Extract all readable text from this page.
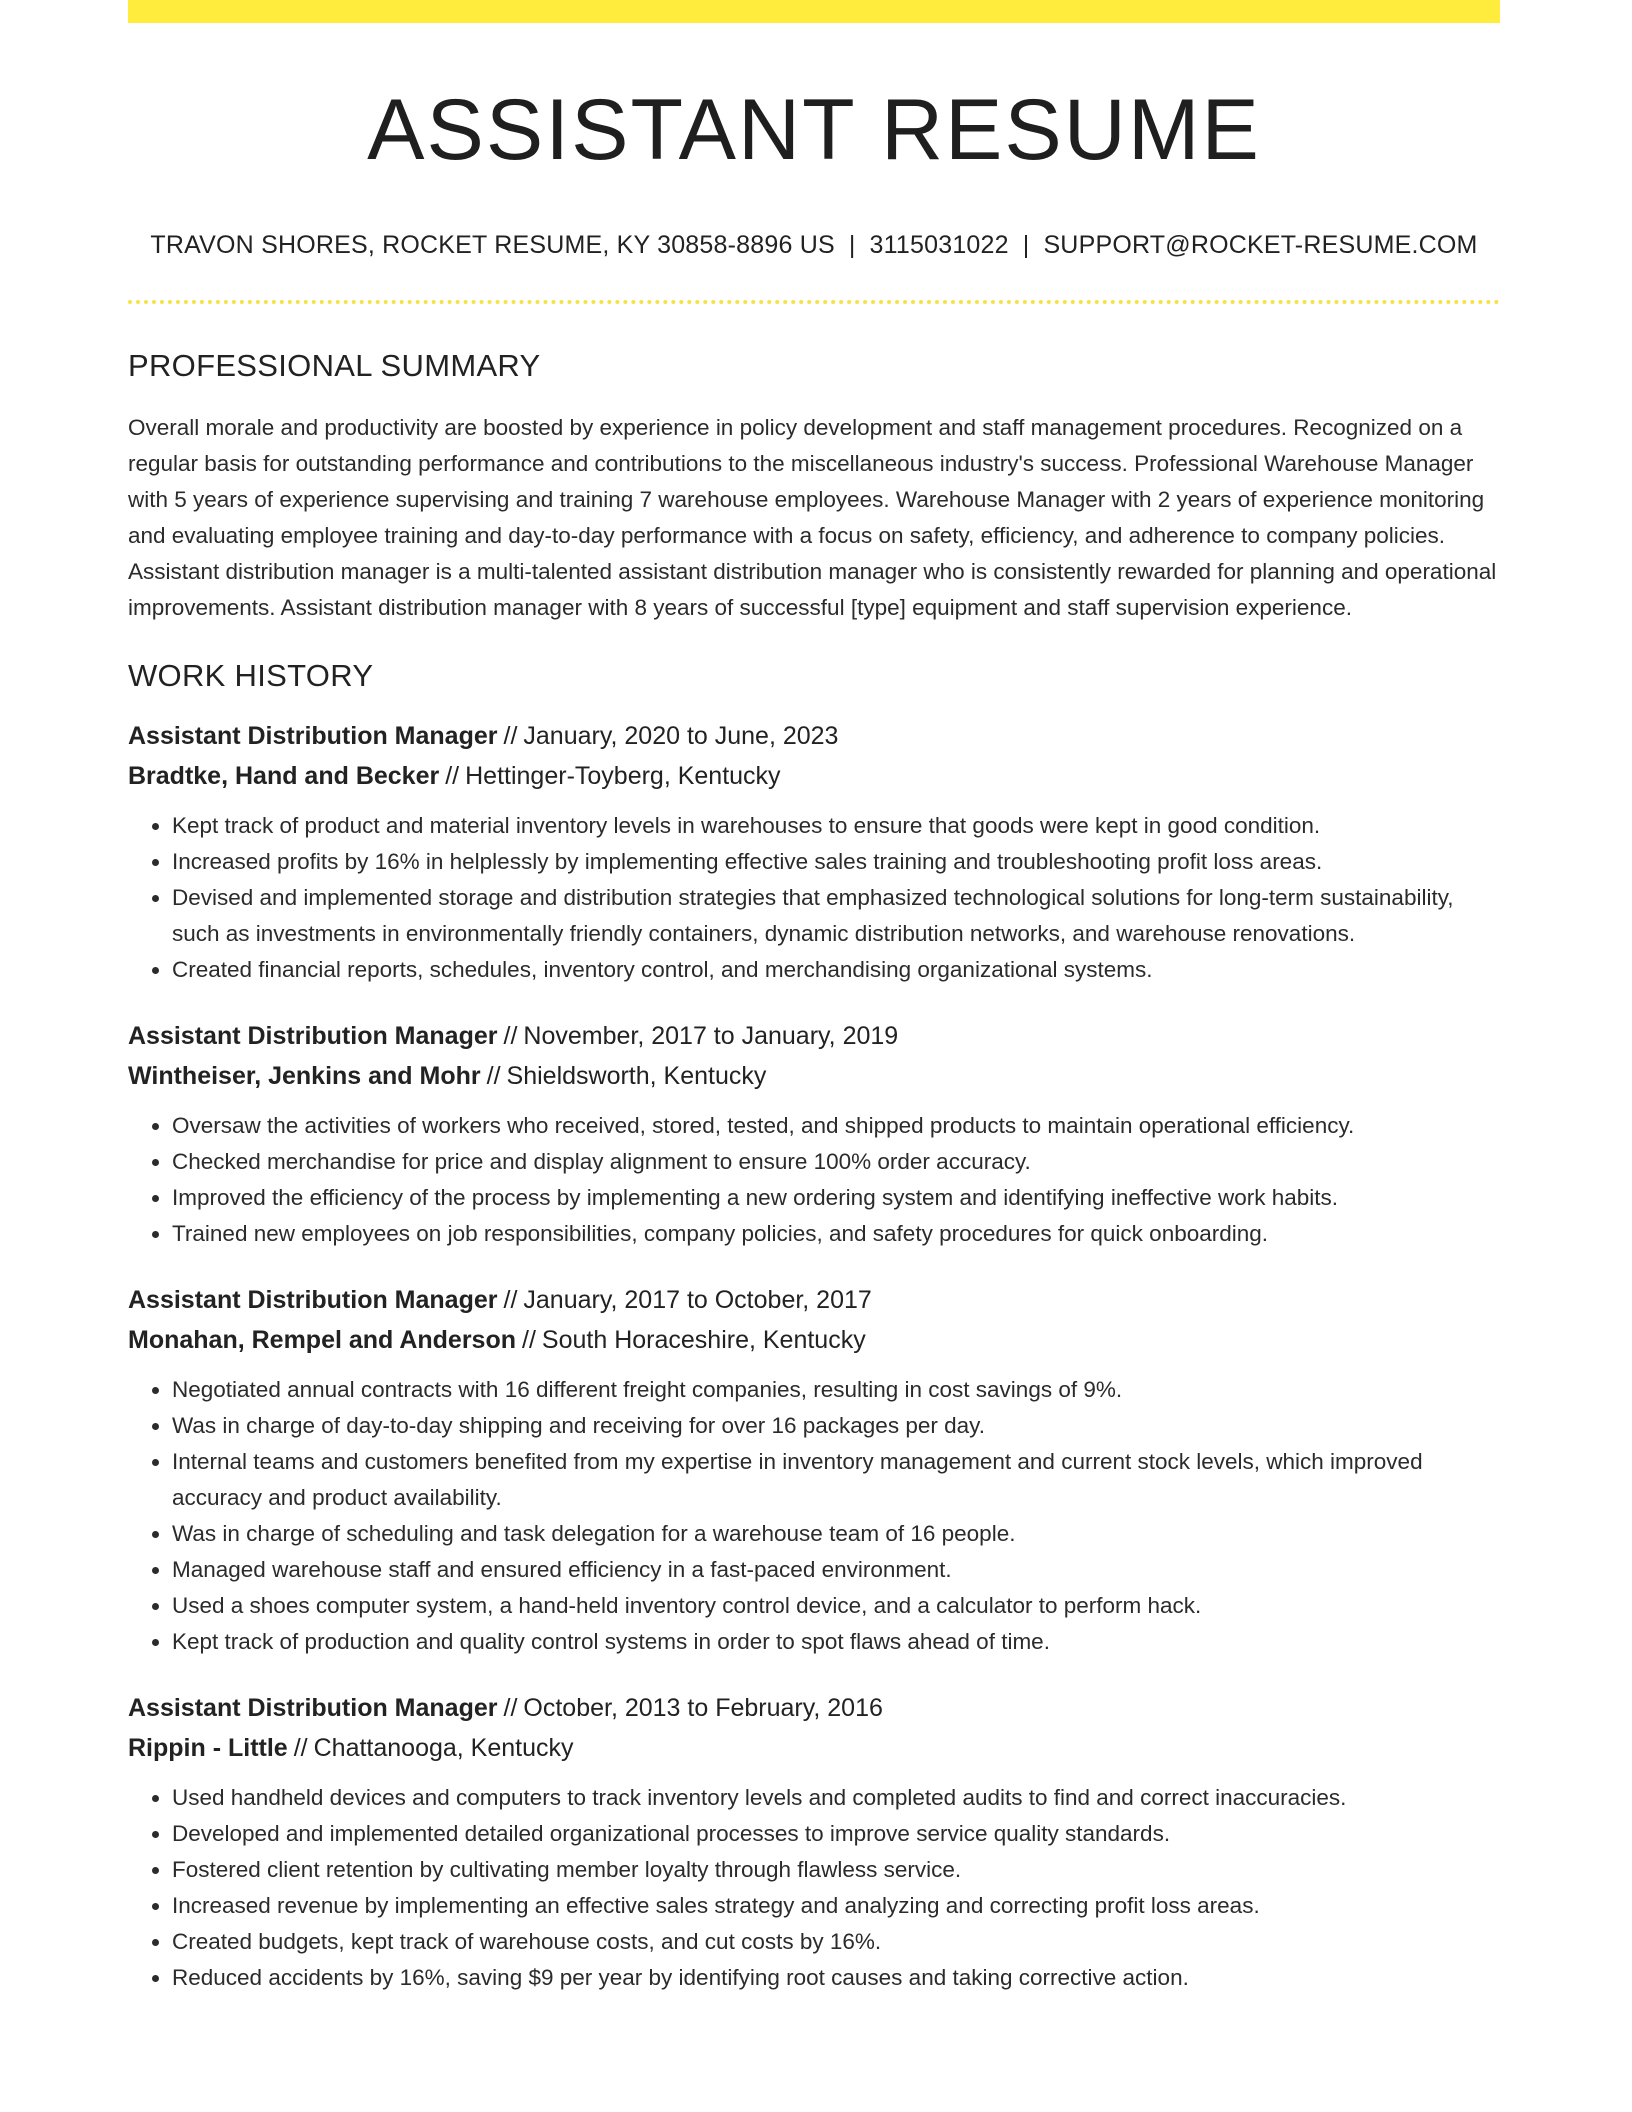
ASSISTANT RESUME
TRAVON SHORES, ROCKET RESUME, KY 30858-8896 US | 3115031022 | SUPPORT@ROCKET-RESUME.COM
PROFESSIONAL SUMMARY

Overall morale and productivity are boosted by experience in policy development and staff management procedures. Recognized on a regular basis for outstanding performance and contributions to the miscellaneous industry's success. Professional Warehouse Manager with 5 years of experience supervising and training 7 warehouse employees. Warehouse Manager with 2 years of experience monitoring and evaluating employee training and day-to-day performance with a focus on safety, efficiency, and adherence to company policies. Assistant distribution manager is a multi-talented assistant distribution manager who is consistently rewarded for planning and operational improvements. Assistant distribution manager with 8 years of successful [type] equipment and staff supervision experience.

WORK HISTORY
Assistant Distribution Manager // January, 2020 to June, 2023
Bradtke, Hand and Becker // Hettinger-Toyberg, Kentucky
• Kept track of product and material inventory levels in warehouses to ensure that goods were kept in good condition.
• Increased profits by 16% in helplessly by implementing effective sales training and troubleshooting profit loss areas.
• Devised and implemented storage and distribution strategies that emphasized technological solutions for long-term sustainability, such as investments in environmentally friendly containers, dynamic distribution networks, and warehouse renovations.
• Created financial reports, schedules, inventory control, and merchandising organizational systems.
Assistant Distribution Manager // November, 2017 to January, 2019
Wintheiser, Jenkins and Mohr // Shieldsworth, Kentucky
• Oversaw the activities of workers who received, stored, tested, and shipped products to maintain operational efficiency.
• Checked merchandise for price and display alignment to ensure 100% order accuracy.
• Improved the efficiency of the process by implementing a new ordering system and identifying ineffective work habits.
• Trained new employees on job responsibilities, company policies, and safety procedures for quick onboarding.
Assistant Distribution Manager // January, 2017 to October, 2017
Monahan, Rempel and Anderson // South Horaceshire, Kentucky
• Negotiated annual contracts with 16 different freight companies, resulting in cost savings of 9%.
• Was in charge of day-to-day shipping and receiving for over 16 packages per day.
• Internal teams and customers benefited from my expertise in inventory management and current stock levels, which improved accuracy and product availability.
• Was in charge of scheduling and task delegation for a warehouse team of 16 people.
• Managed warehouse staff and ensured efficiency in a fast-paced environment.
• Used a shoes computer system, a hand-held inventory control device, and a calculator to perform hack.
• Kept track of production and quality control systems in order to spot flaws ahead of time.
Assistant Distribution Manager // October, 2013 to February, 2016
Rippin - Little // Chattanooga, Kentucky
• Used handheld devices and computers to track inventory levels and completed audits to find and correct inaccuracies.
• Developed and implemented detailed organizational processes to improve service quality standards.
• Fostered client retention by cultivating member loyalty through flawless service.
• Increased revenue by implementing an effective sales strategy and analyzing and correcting profit loss areas.
• Created budgets, kept track of warehouse costs, and cut costs by 16%.
• Reduced accidents by 16%, saving $9 per year by identifying root causes and taking corrective action.
